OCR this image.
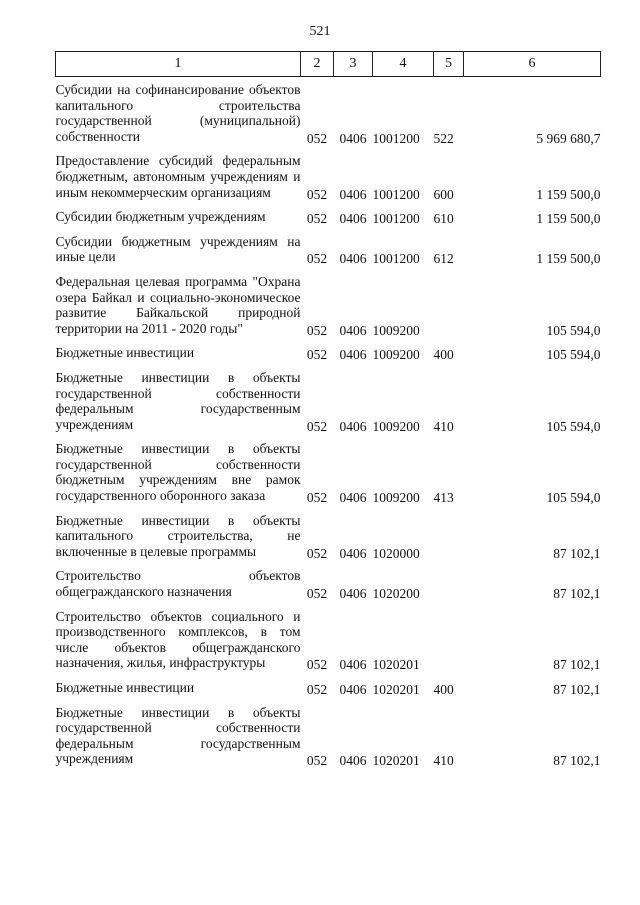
521
1	2	3	4	5	6

Субсидии на софинансирование объектов капитального строительства государственной (муниципальной) собственности	052	0406	1001200	522	5 969 680,7

Предоставление субсидий федеральным бюджетным, автономным учреждениям и иным некоммерческим организациям	052	0406	1001200	600	1 159 500,0

Субсидии бюджетным учреждениям	052	0406	1001200	610	1 159 500,0

Субсидии бюджетным учреждениям на иные цели	052	0406	1001200	612	1 159 500,0

Федеральная целевая программа "Охрана озера Байкал и социально-экономическое развитие Байкальской природной территории на 2011 - 2020 годы"	052	0406	1009200		105 594,0

Бюджетные инвестиции	052	0406	1009200	400	105 594,0

Бюджетные инвестиции в объекты государственной собственности федеральным государственным учреждениям	052	0406	1009200	410	105 594,0

Бюджетные инвестиции в объекты государственной собственности бюджетным учреждениям вне рамок государственного оборонного заказа	052	0406	1009200	413	105 594,0

Бюджетные инвестиции в объекты капитального строительства, не включенные в целевые программы	052	0406	1020000		87 102,1

Строительство объектов общегражданского назначения	052	0406	1020200		87 102,1

Строительство объектов социального и производственного комплексов, в том числе объектов общегражданского назначения, жилья, инфраструктуры	052	0406	1020201		87 102,1

Бюджетные инвестиции	052	0406	1020201	400	87 102,1

Бюджетные инвестиции в объекты государственной собственности федеральным государственным учреждениям	052	0406	1020201	410	87 102,1
